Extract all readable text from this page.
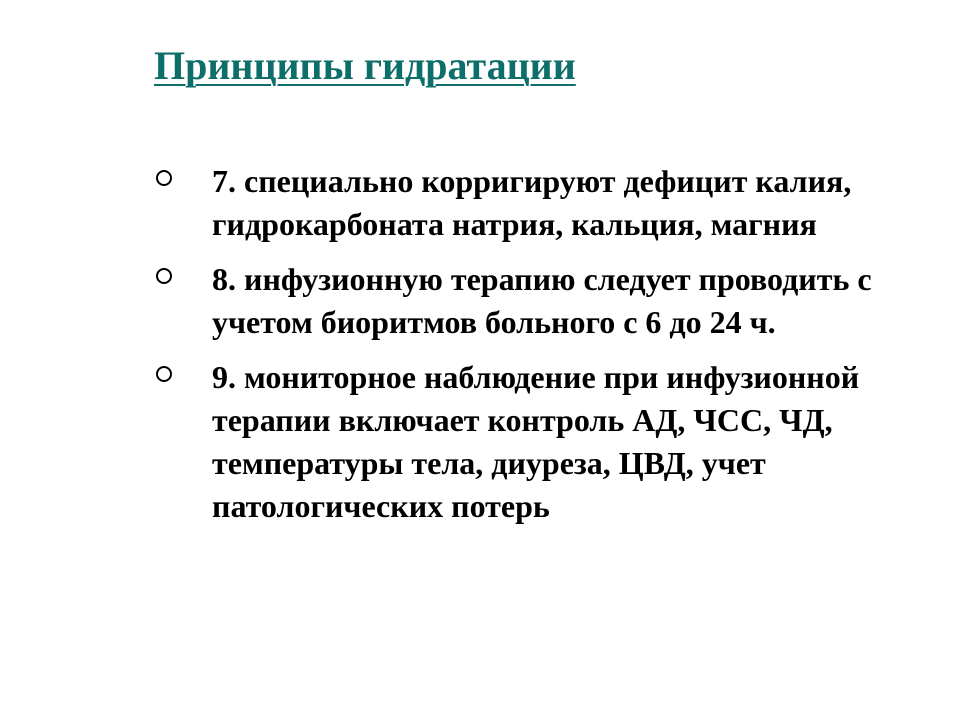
Принципы гидратации
7. специально корригируют дефицит калия, гидрокарбоната натрия, кальция, магния
8. инфузионную терапию следует проводить с учетом биоритмов больного с 6 до 24 ч.
9. мониторное наблюдение при инфузионной терапии включает контроль АД, ЧСС, ЧД, температуры тела, диуреза, ЦВД, учет патологических потерь
